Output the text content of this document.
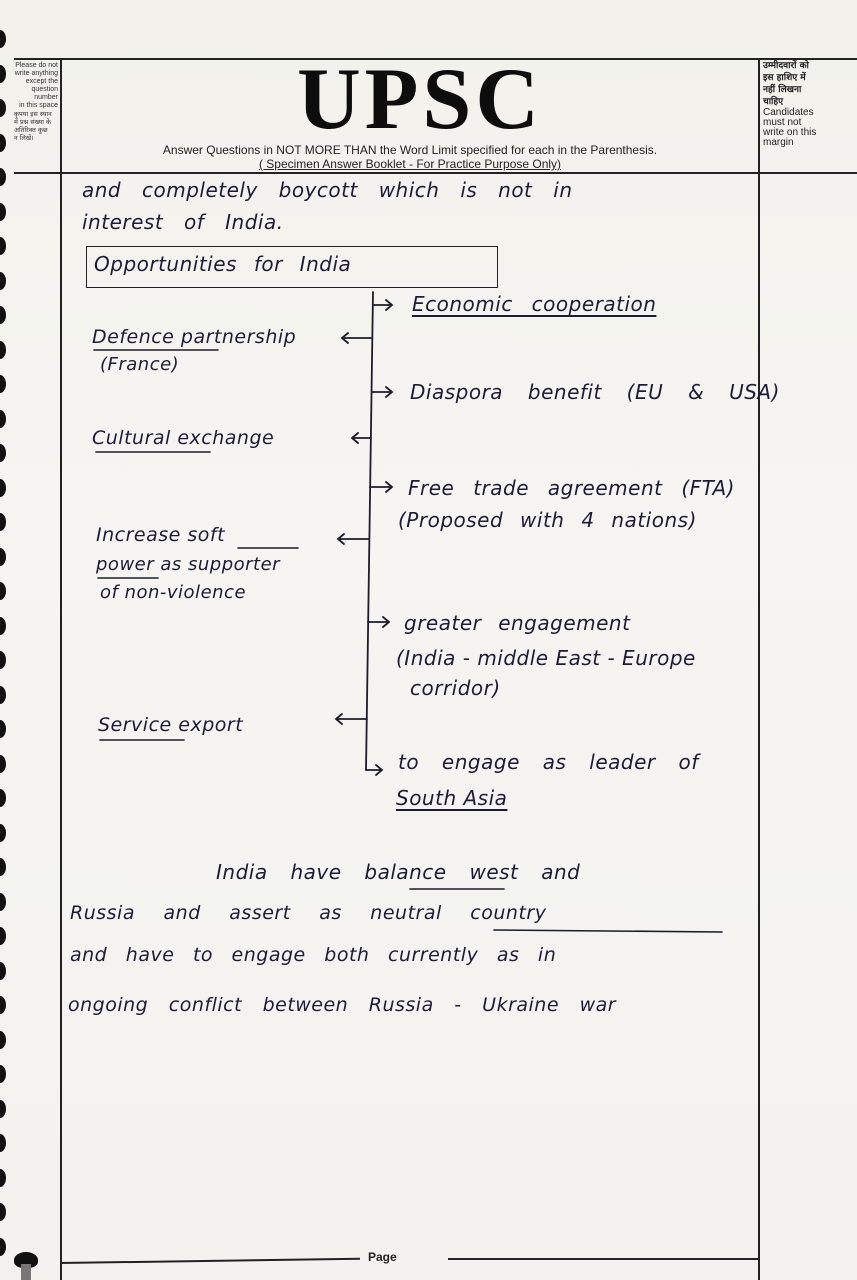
Please do not
write anything
except the
question number
in this space
कृपया इस स्थान
में प्रश्न संख्या के
अतिरिक्त कुछ
न लिखें।
उम्मीदवारों को
इस हाशिए में
नहीं लिखना
चाहिए
Candidates
must not
write on this
margin
UPSC
Answer Questions in NOT MORE THAN the Word Limit specified for each in the Parenthesis.
( Specimen Answer Booklet - For Practice Purpose Only)
and completely boycott which is not in
interest of India.
Opportunities for India
Economic cooperation
Diaspora benefit (EU & USA)
Free trade agreement (FTA)
(Proposed with 4 nations)
greater engagement
(India - middle East - Europe
corridor)
to engage as leader of
South Asia
Defence partnership
(France)
Cultural exchange
Increase soft
power as supporter
of non-violence
Service export
India have balance west and
Russia and assert as neutral country
and have to engage both currently as in
ongoing conflict between Russia - Ukraine war
Page
